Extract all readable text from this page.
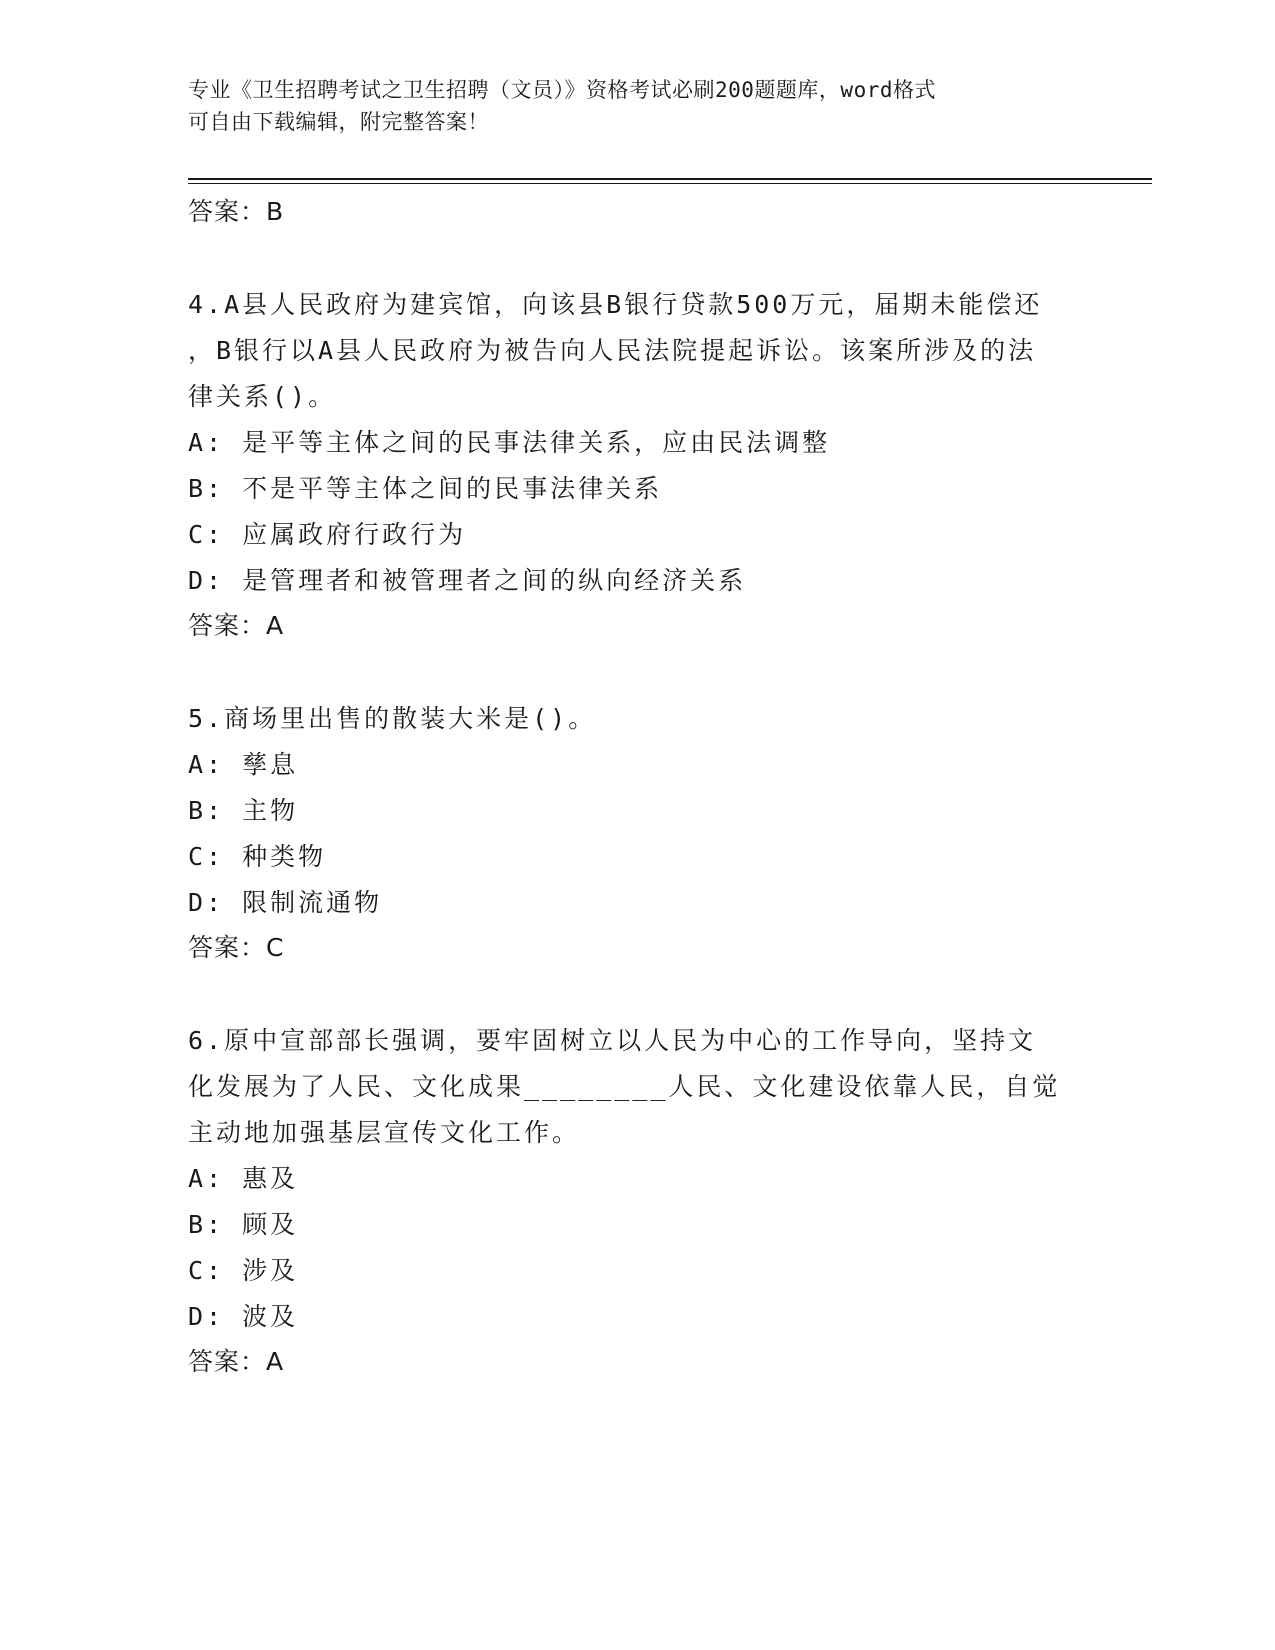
专业《卫生招聘考试之卫生招聘（文员）》资格考试必刷200题题库，word格式
可自由下载编辑，附完整答案！
答案：B
4.A县人民政府为建宾馆，向该县B银行贷款500万元，届期未能偿还
，B银行以A县人民政府为被告向人民法院提起诉讼。该案所涉及的法
律关系()。
A: 是平等主体之间的民事法律关系，应由民法调整
B: 不是平等主体之间的民事法律关系
C: 应属政府行政行为
D: 是管理者和被管理者之间的纵向经济关系
答案：A
5.商场里出售的散装大米是()。
A: 孳息
B: 主物
C: 种类物
D: 限制流通物
答案：C
6.原中宣部部长强调，要牢固树立以人民为中心的工作导向，坚持文
化发展为了人民、文化成果________人民、文化建设依靠人民，自觉
主动地加强基层宣传文化工作。
A: 惠及
B: 顾及
C: 涉及
D: 波及
答案：A
